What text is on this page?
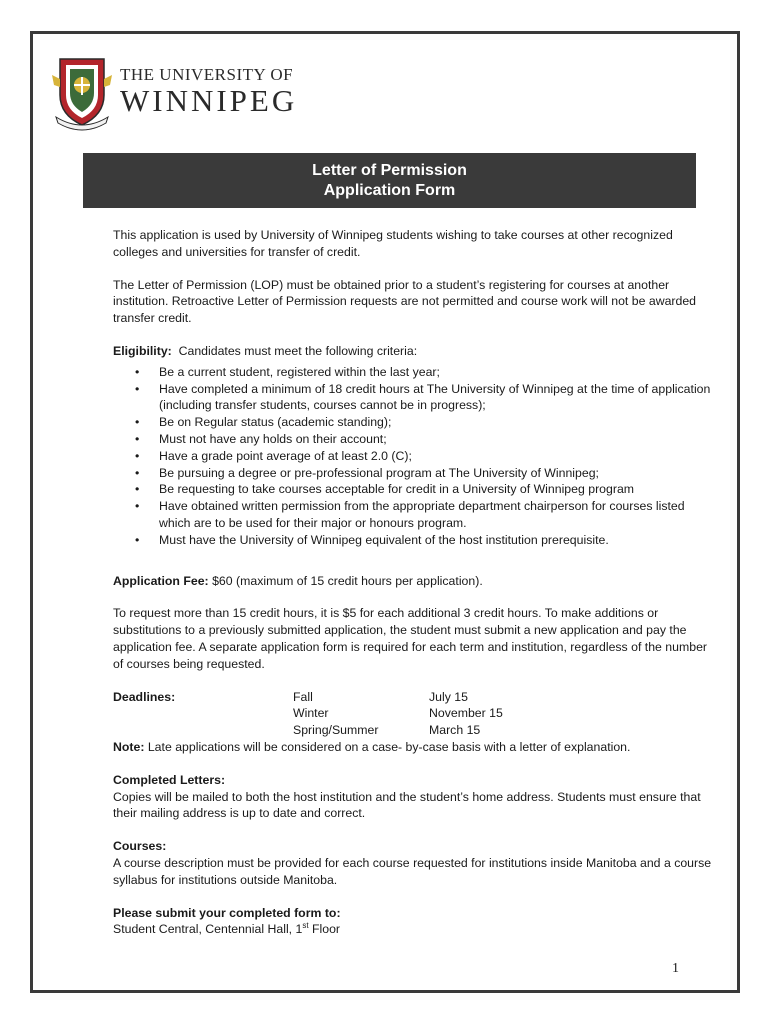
THE UNIVERSITY OF
WINNIPEG
Letter of Permission
Application Form

This application is used by University of Winnipeg students wishing to take courses at other recognized colleges and universities for transfer of credit.

The Letter of Permission (LOP) must be obtained prior to a student’s registering for courses at another institution. Retroactive Letter of Permission requests are not permitted and course work will not be awarded transfer credit.

Eligibility: Candidates must meet the following criteria:

• Be a current student, registered within the last year;
• Have completed a minimum of 18 credit hours at The University of Winnipeg at the time of application (including transfer students, courses cannot be in progress);
• Be on Regular status (academic standing);
• Must not have any holds on their account;
• Have a grade point average of at least 2.0 (C);
• Be pursuing a degree or pre-professional program at The University of Winnipeg;
• Be requesting to take courses acceptable for credit in a University of Winnipeg program
• Have obtained written permission from the appropriate department chairperson for courses listed which are to be used for their major or honours program.
• Must have the University of Winnipeg equivalent of the host institution prerequisite.

Application Fee: $60 (maximum of 15 credit hours per application).

To request more than 15 credit hours, it is $5 for each additional 3 credit hours. To make additions or substitutions to a previously submitted application, the student must submit a new application and pay the application fee. A separate application form is required for each term and institution, regardless of the number of courses being requested.

Deadlines:	Fall	July 15
Winter	November 15
Spring/Summer	March 15

Note: Late applications will be considered on a case- by-case basis with a letter of explanation.

Completed Letters:

Copies will be mailed to both the host institution and the student’s home address. Students must ensure that their mailing address is up to date and correct.

Courses:

A course description must be provided for each course requested for institutions inside Manitoba and a course syllabus for institutions outside Manitoba.

Please submit your completed form to:

Student Central, Centennial Hall, 1st Floor

1
